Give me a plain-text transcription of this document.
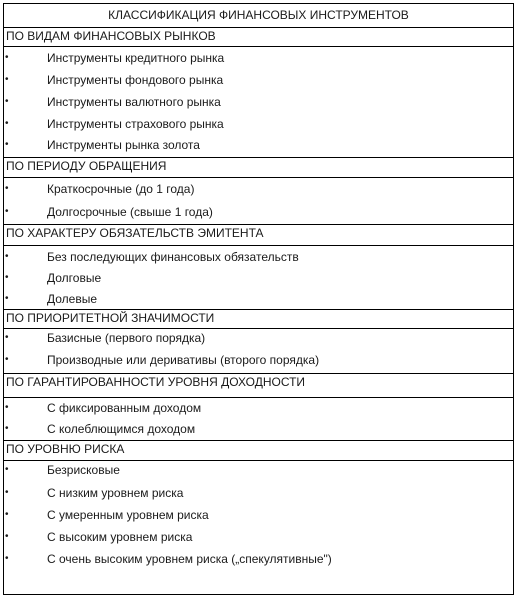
КЛАССИФИКАЦИЯ ФИНАНСОВЫХ ИНСТРУМЕНТОВ
ПО ВИДАМ ФИНАНСОВЫХ РЫНКОВ
•	Инструменты кредитного рынка
•	Инструменты фондового рынка
•	Инструменты валютного рынка
•	Инструменты страхового рынка
•	Инструменты рынка золота
ПО ПЕРИОДУ ОБРАЩЕНИЯ
•	Краткосрочные (до 1 года)
•	Долгосрочные (свыше 1 года)
ПО ХАРАКТЕРУ ОБЯЗАТЕЛЬСТВ ЭМИТЕНТА
•	Без последующих финансовых обязательств
•	Долговые
•	Долевые
ПО ПРИОРИТЕТНОЙ ЗНАЧИМОСТИ
•	Базисные (первого порядка)
•	Производные или деривативы (второго порядка)
ПО ГАРАНТИРОВАННОСТИ УРОВНЯ ДОХОДНОСТИ
•	С фиксированным доходом
•	С колеблющимся доходом
ПО УРОВНЮ РИСКА
•	Безрисковые
•	С низким уровнем риска
•	С умеренным уровнем риска
•	С высоким уровнем риска
•	С очень высоким уровнем риска („спекулятивные")
